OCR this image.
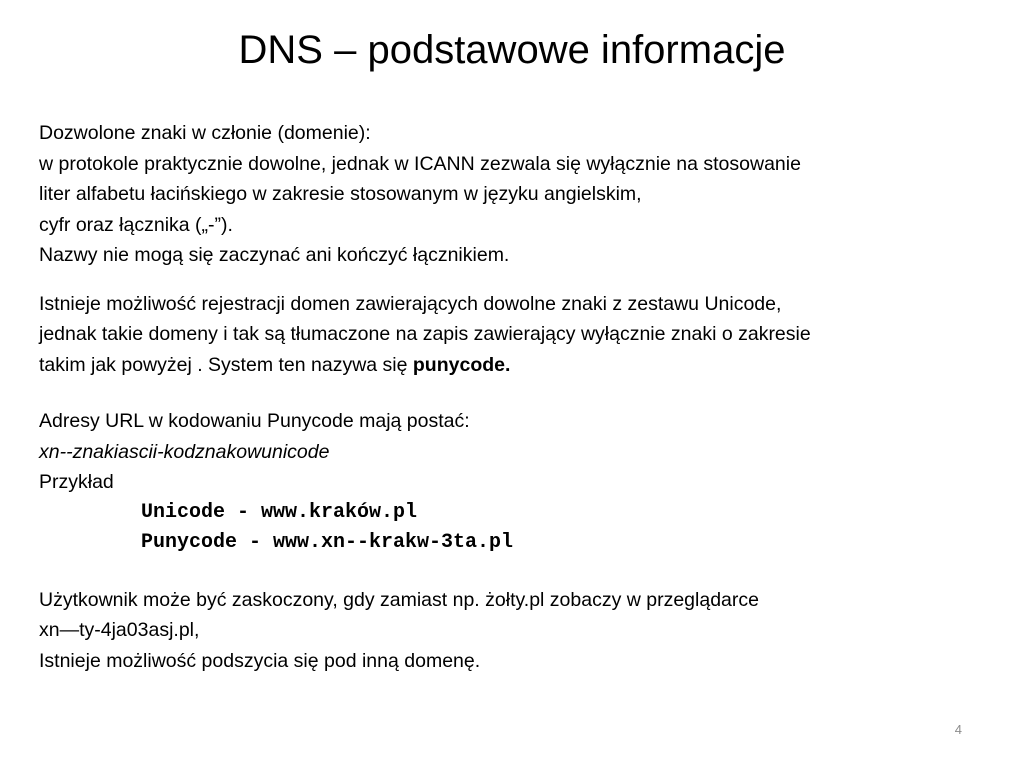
DNS – podstawowe informacje
Dozwolone znaki w członie (domenie):
w protokole praktycznie dowolne, jednak w ICANN zezwala się wyłącznie na stosowanie
liter alfabetu łacińskiego w zakresie stosowanym w języku angielskim,
cyfr oraz łącznika („-”).
Nazwy nie mogą się zaczynać ani kończyć łącznikiem.
Istnieje możliwość rejestracji domen zawierających dowolne znaki z zestawu Unicode,
jednak takie domeny i tak są tłumaczone na zapis zawierający wyłącznie znaki o zakresie
takim jak powyżej . System ten nazywa się punycode.
Adresy URL w kodowaniu Punycode mają postać:
xn--znakiascii-kodznakowunicode
Przykład
Unicode - www.kraków.pl
Punycode - www.xn--krakw-3ta.pl
Użytkownik może być zaskoczony, gdy zamiast np. żołty.pl zobaczy w przeglądarce
xn—ty-4ja03asj.pl,
Istnieje możliwość podszycia się pod inną domenę.
4
